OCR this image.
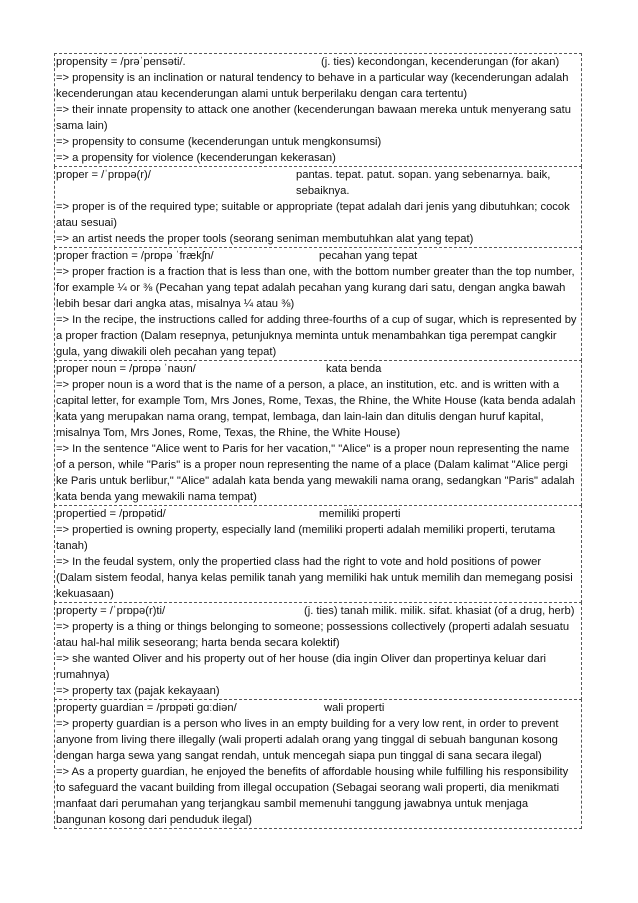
propensity = /prəˈpensəti/.	(j. ties) kecondongan, kecenderungan (for akan)
=> propensity is an inclination or natural tendency to behave in a particular way (kecenderungan adalah kecenderungan atau kecenderungan alami untuk berperilaku dengan cara tertentu)
=> their innate propensity to attack one another (kecenderungan bawaan mereka untuk menyerang satu sama lain)
=> propensity to consume (kecenderungan untuk mengkonsumsi)
=> a propensity for violence (kecenderungan kekerasan)
proper = /ˈprɒpə(r)/	pantas. tepat. patut. sopan. yang sebenarnya. baik, sebaiknya.
=> proper is of the required type; suitable or appropriate (tepat adalah dari jenis yang dibutuhkan; cocok atau sesuai)
=> an artist needs the proper tools (seorang seniman membutuhkan alat yang tepat)
proper fraction = /prɒpə ˈfrækʃn/	pecahan yang tepat
=> proper fraction is a fraction that is less than one, with the bottom number greater than the top number, for example ¼ or ⅜ (Pecahan yang tepat adalah pecahan yang kurang dari satu, dengan angka bawah lebih besar dari angka atas, misalnya ¼ atau ⅜)
=> In the recipe, the instructions called for adding three-fourths of a cup of sugar, which is represented by a proper fraction (Dalam resepnya, petunjuknya meminta untuk menambahkan tiga perempat cangkir gula, yang diwakili oleh pecahan yang tepat)
proper noun = /prɒpə ˈnaʊn/	kata benda
=> proper noun is a word that is the name of a person, a place, an institution, etc. and is written with a capital letter, for example Tom, Mrs Jones, Rome, Texas, the Rhine, the White House (kata benda adalah kata yang merupakan nama orang, tempat, lembaga, dan lain-lain dan ditulis dengan huruf kapital, misalnya Tom, Mrs Jones, Rome, Texas, the Rhine, the White House)
=> In the sentence "Alice went to Paris for her vacation," "Alice" is a proper noun representing the name of a person, while "Paris" is a proper noun representing the name of a place (Dalam kalimat "Alice pergi ke Paris untuk berlibur," "Alice" adalah kata benda yang mewakili nama orang, sedangkan "Paris" adalah kata benda yang mewakili nama tempat)
propertied = /prɒpətid/	memiliki properti
=> propertied is owning property, especially land (memiliki properti adalah memiliki properti, terutama tanah)
=> In the feudal system, only the propertied class had the right to vote and hold positions of power (Dalam sistem feodal, hanya kelas pemilik tanah yang memiliki hak untuk memilih dan memegang posisi kekuasaan)
property = /ˈprɒpə(r)ti/	(j. ties) tanah milik. milik. sifat. khasiat (of a drug, herb)
=> property is a thing or things belonging to someone; possessions collectively (properti adalah sesuatu atau hal-hal milik seseorang; harta benda secara kolektif)
=> she wanted Oliver and his property out of her house (dia ingin Oliver dan propertinya keluar dari rumahnya)
=> property tax (pajak kekayaan)
property guardian = /prɒpəti gɑːdiən/	wali properti
=> property guardian is a person who lives in an empty building for a very low rent, in order to prevent anyone from living there illegally (wali properti adalah orang yang tinggal di sebuah bangunan kosong dengan harga sewa yang sangat rendah, untuk mencegah siapa pun tinggal di sana secara ilegal)
=> As a property guardian, he enjoyed the benefits of affordable housing while fulfilling his responsibility to safeguard the vacant building from illegal occupation (Sebagai seorang wali properti, dia menikmati manfaat dari perumahan yang terjangkau sambil memenuhi tanggung jawabnya untuk menjaga bangunan kosong dari penduduk ilegal)
